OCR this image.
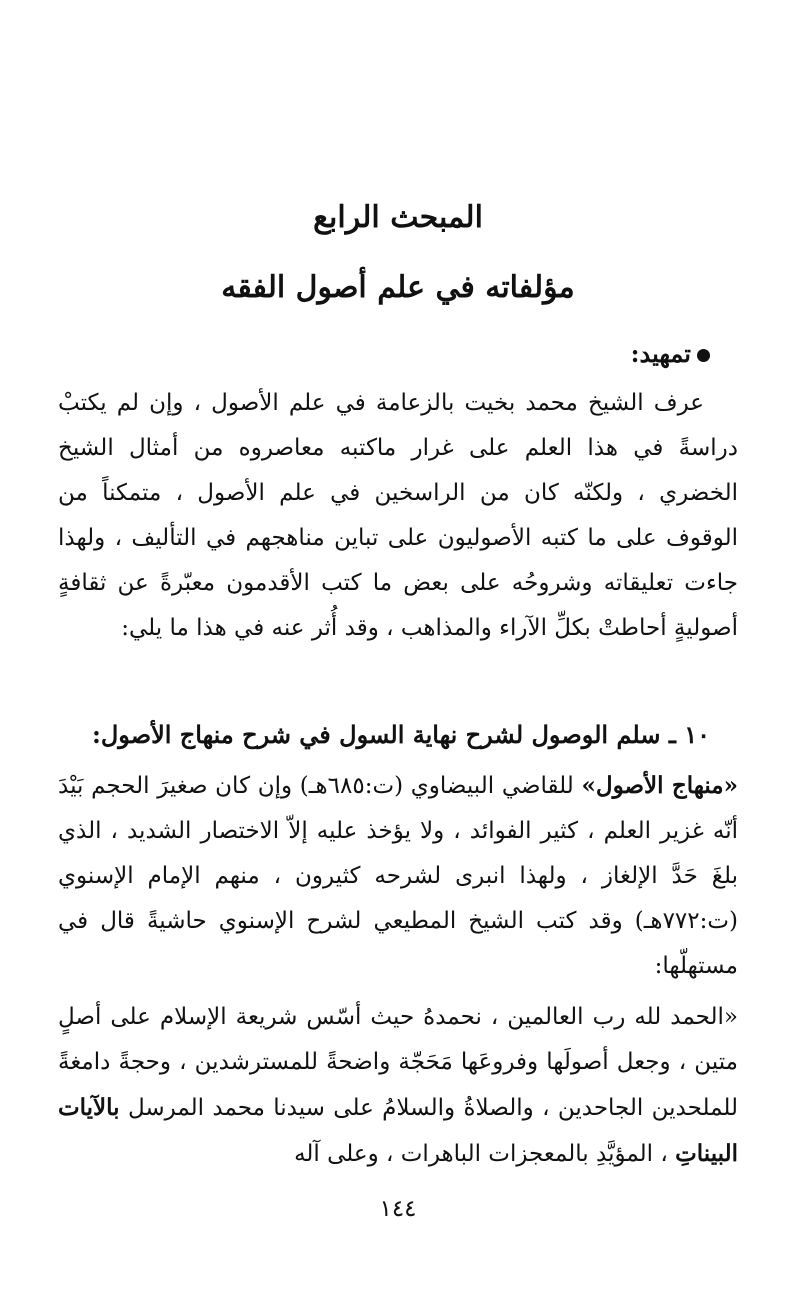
المبحث الرابع
مؤلفاته في علم أصول الفقه
تمهيد:

عرف الشيخ محمد بخيت بالزعامة في علم الأصول ، وإن لم يكتبْ دراسةً في هذا العلم على غرار ماكتبه معاصروه من أمثال الشيخ الخضري ، ولكنّه كان من الراسخين في علم الأصول ، متمكناً من الوقوف على ما كتبه الأصوليون على تباين مناهجهم في التأليف ، ولهذا جاءت تعليقاته وشروحُه على بعض ما كتب الأقدمون معبّرةً عن ثقافةٍ أصوليةٍ أحاطتْ بكلِّ الآراء والمذاهب ، وقد أُثر عنه في هذا ما يلي:

١٠ ـ سلم الوصول لشرح نهاية السول في شرح منهاج الأصول:

«منهاج الأصول» للقاضي البيضاوي (ت:٦٨٥هـ) وإن كان صغيرَ الحجم بَيْدَ أنّه غزير العلم ، كثير الفوائد ، ولا يؤخذ عليه إلاّ الاختصار الشديد ، الذي بلغَ حَدَّ الإلغاز ، ولهذا انبرى لشرحه كثيرون ، منهم الإمام الإسنوي (ت:٧٧٢هـ) وقد كتب الشيخ المطيعي لشرح الإسنوي حاشيةً قال في مستهلّها:

«الحمد لله رب العالمين ، نحمدهُ حيث أسّس شريعة الإسلام على أصلٍ متين ، وجعل أصولَها وفروعَها مَحَجّة واضحةً للمسترشدين ، وحجةً دامغةً للملحدين الجاحدين ، والصلاةُ والسلامُ على سيدنا محمد المرسل بالآيات البيناتِ ، المؤيَّدِ بالمعجزات الباهرات ، وعلى آله

١٤٤
